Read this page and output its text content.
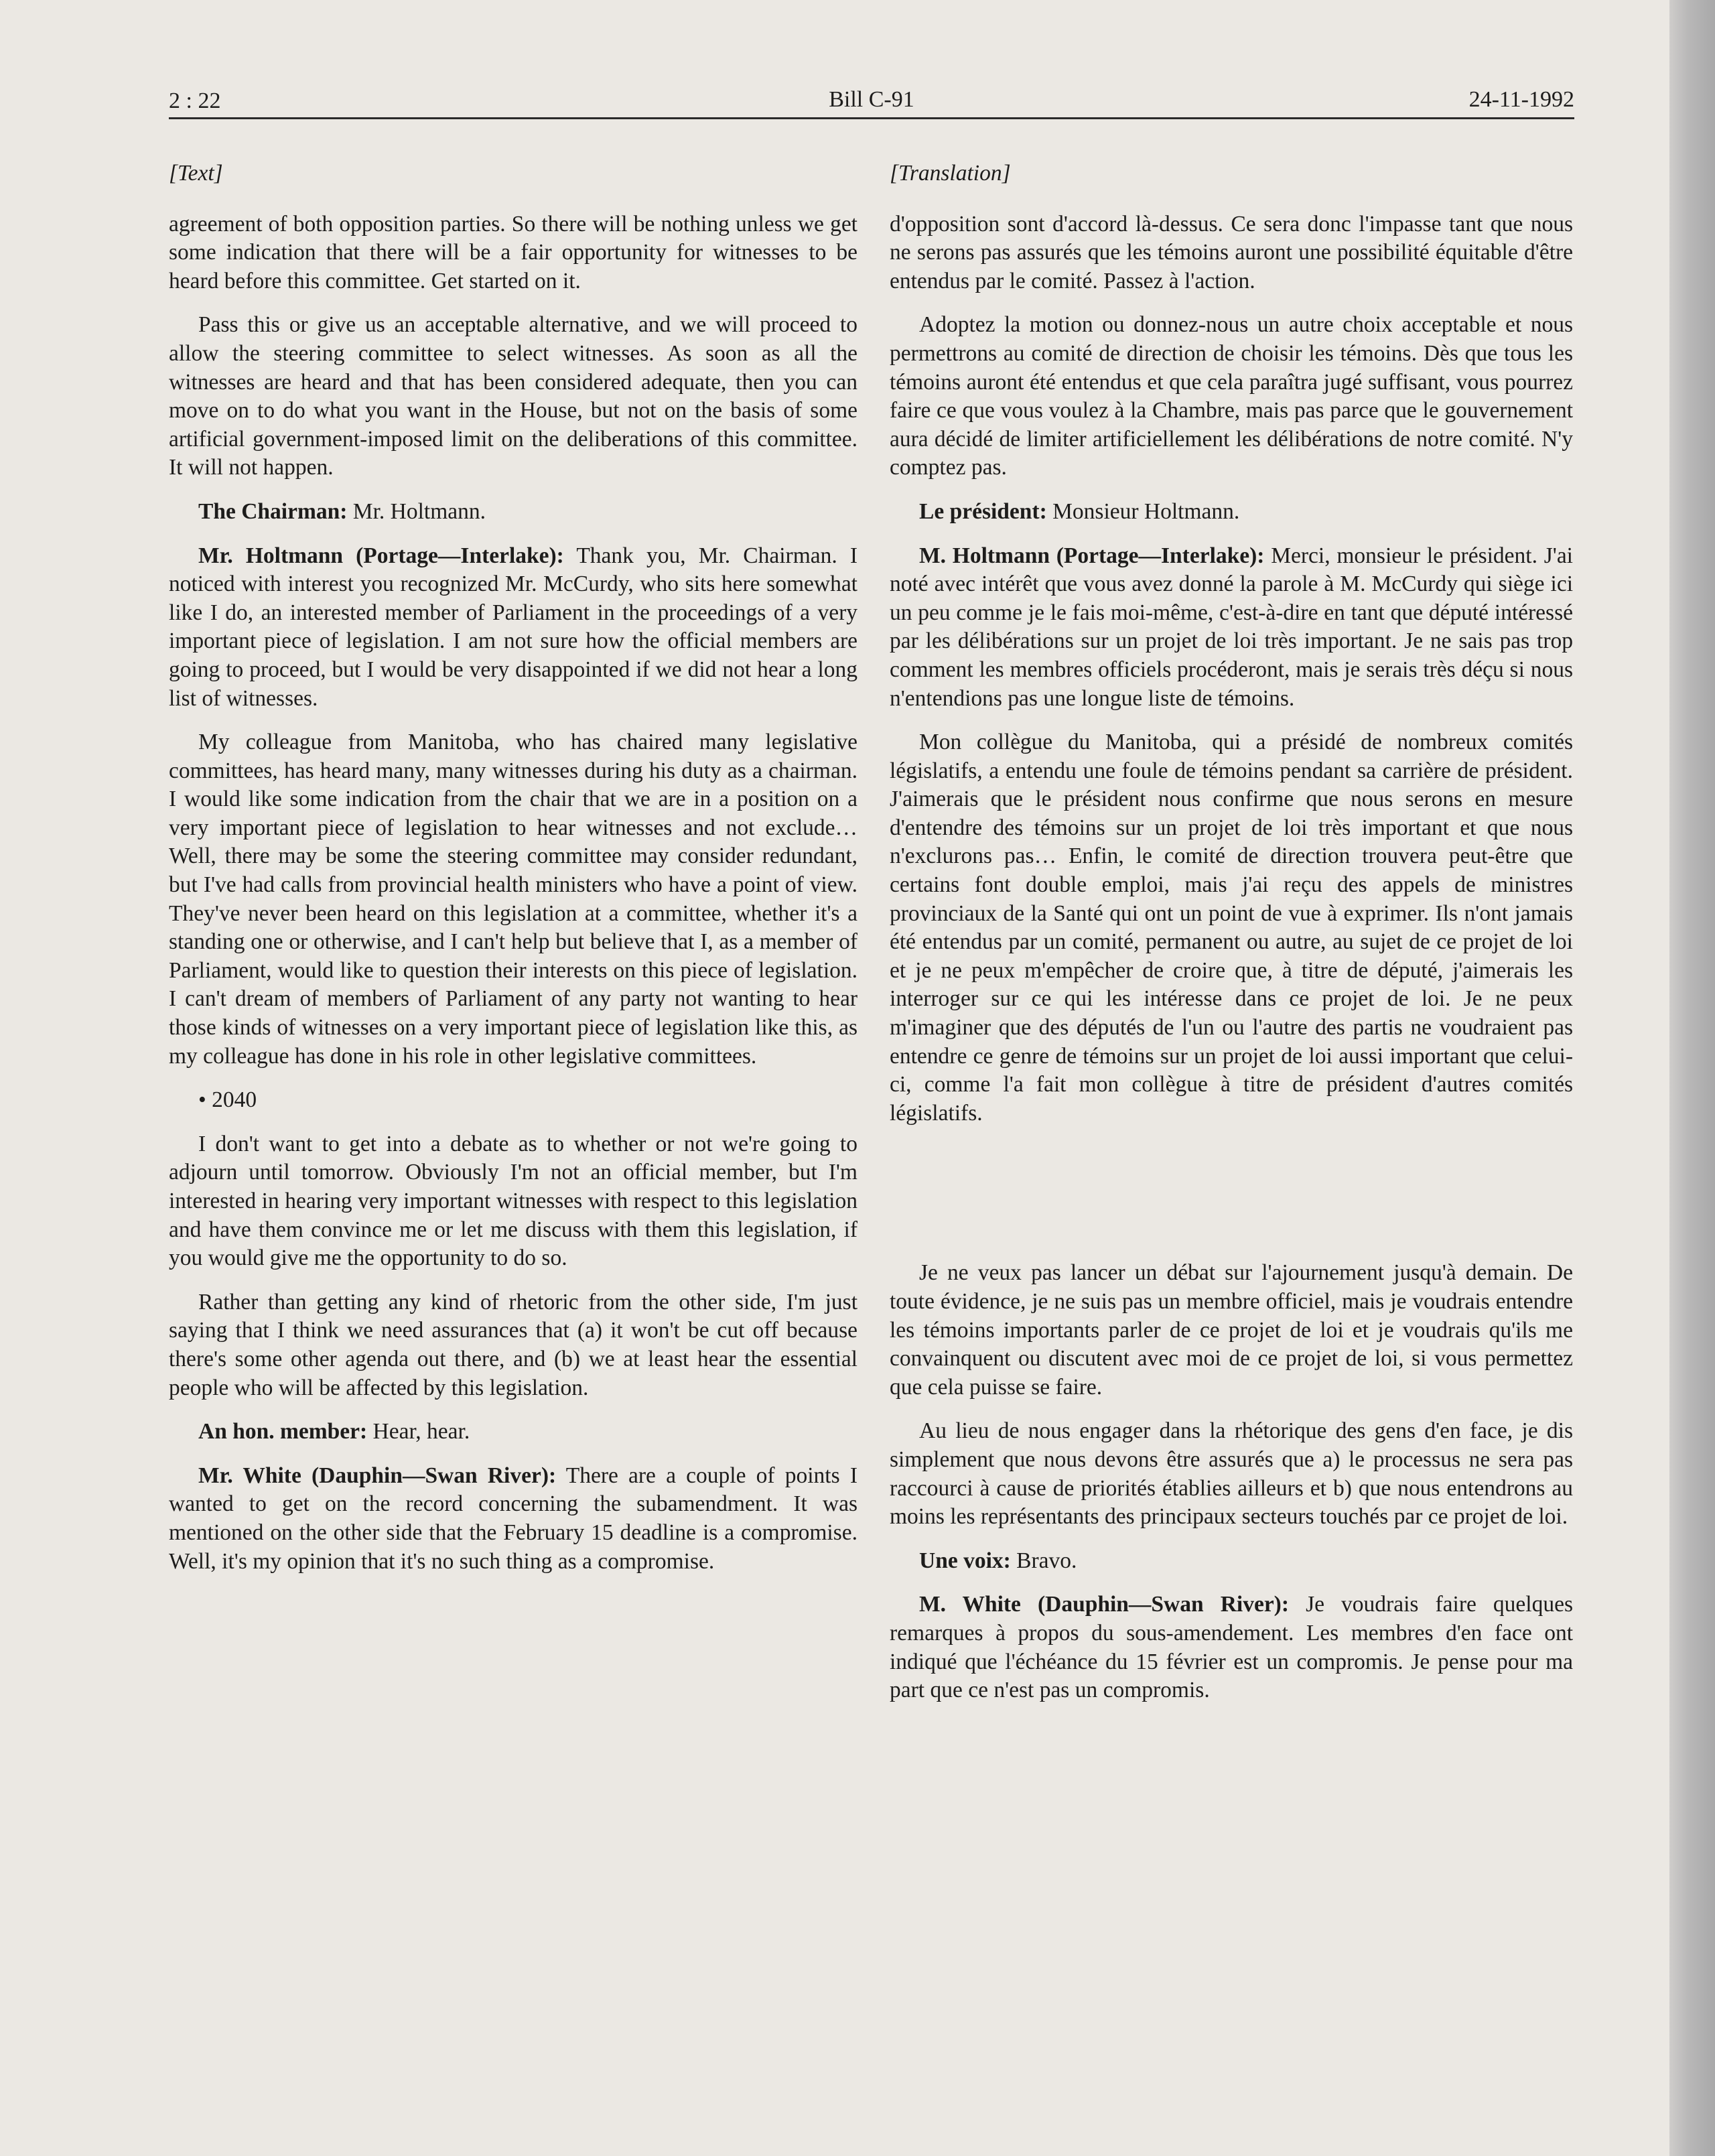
2 : 22	Bill C-91	24-11-1992

[Text]

agreement of both opposition parties. So there will be nothing unless we get some indication that there will be a fair opportunity for witnesses to be heard before this committee. Get started on it.

Pass this or give us an acceptable alternative, and we will proceed to allow the steering committee to select witnesses. As soon as all the witnesses are heard and that has been considered adequate, then you can move on to do what you want in the House, but not on the basis of some artificial government-imposed limit on the deliberations of this committee. It will not happen.

The Chairman: Mr. Holtmann.

Mr. Holtmann (Portage—Interlake): Thank you, Mr. Chairman. I noticed with interest you recognized Mr. McCurdy, who sits here somewhat like I do, an interested member of Parliament in the proceedings of a very important piece of legislation. I am not sure how the official members are going to proceed, but I would be very disappointed if we did not hear a long list of witnesses.

My colleague from Manitoba, who has chaired many legislative committees, has heard many, many witnesses during his duty as a chairman. I would like some indication from the chair that we are in a position on a very important piece of legislation to hear witnesses and not exclude… Well, there may be some the steering committee may consider redundant, but I've had calls from provincial health ministers who have a point of view. They've never been heard on this legislation at a committee, whether it's a standing one or otherwise, and I can't help but believe that I, as a member of Parliament, would like to question their interests on this piece of legislation. I can't dream of members of Parliament of any party not wanting to hear those kinds of witnesses on a very important piece of legislation like this, as my colleague has done in his role in other legislative committees.

• 2040

I don't want to get into a debate as to whether or not we're going to adjourn until tomorrow. Obviously I'm not an official member, but I'm interested in hearing very important witnesses with respect to this legislation and have them convince me or let me discuss with them this legislation, if you would give me the opportunity to do so.

Rather than getting any kind of rhetoric from the other side, I'm just saying that I think we need assurances that (a) it won't be cut off because there's some other agenda out there, and (b) we at least hear the essential people who will be affected by this legislation.

An hon. member: Hear, hear.

Mr. White (Dauphin—Swan River): There are a couple of points I wanted to get on the record concerning the subamendment. It was mentioned on the other side that the February 15 deadline is a compromise. Well, it's my opinion that it's no such thing as a compromise.

[Translation]

d'opposition sont d'accord là-dessus. Ce sera donc l'impasse tant que nous ne serons pas assurés que les témoins auront une possibilité équitable d'être entendus par le comité. Passez à l'action.

Adoptez la motion ou donnez-nous un autre choix acceptable et nous permettrons au comité de direction de choisir les témoins. Dès que tous les témoins auront été entendus et que cela paraîtra jugé suffisant, vous pourrez faire ce que vous voulez à la Chambre, mais pas parce que le gouvernement aura décidé de limiter artificiellement les délibérations de notre comité. N'y comptez pas.

Le président: Monsieur Holtmann.

M. Holtmann (Portage—Interlake): Merci, monsieur le président. J'ai noté avec intérêt que vous avez donné la parole à M. McCurdy qui siège ici un peu comme je le fais moi-même, c'est-à-dire en tant que député intéressé par les délibérations sur un projet de loi très important. Je ne sais pas trop comment les membres officiels procéderont, mais je serais très déçu si nous n'entendions pas une longue liste de témoins.

Mon collègue du Manitoba, qui a présidé de nombreux comités législatifs, a entendu une foule de témoins pendant sa carrière de président. J'aimerais que le président nous confirme que nous serons en mesure d'entendre des témoins sur un projet de loi très important et que nous n'exclurons pas… Enfin, le comité de direction trouvera peut-être que certains font double emploi, mais j'ai reçu des appels de ministres provinciaux de la Santé qui ont un point de vue à exprimer. Ils n'ont jamais été entendus par un comité, permanent ou autre, au sujet de ce projet de loi et je ne peux m'empêcher de croire que, à titre de député, j'aimerais les interroger sur ce qui les intéresse dans ce projet de loi. Je ne peux m'imaginer que des députés de l'un ou l'autre des partis ne voudraient pas entendre ce genre de témoins sur un projet de loi aussi important que celui-ci, comme l'a fait mon collègue à titre de président d'autres comités législatifs.

Je ne veux pas lancer un débat sur l'ajournement jusqu'à demain. De toute évidence, je ne suis pas un membre officiel, mais je voudrais entendre les témoins importants parler de ce projet de loi et je voudrais qu'ils me convainquent ou discutent avec moi de ce projet de loi, si vous permettez que cela puisse se faire.

Au lieu de nous engager dans la rhétorique des gens d'en face, je dis simplement que nous devons être assurés que a) le processus ne sera pas raccourci à cause de priorités établies ailleurs et b) que nous entendrons au moins les représentants des principaux secteurs touchés par ce projet de loi.

Une voix: Bravo.

M. White (Dauphin—Swan River): Je voudrais faire quelques remarques à propos du sous-amendement. Les membres d'en face ont indiqué que l'échéance du 15 février est un compromis. Je pense pour ma part que ce n'est pas un compromis.
